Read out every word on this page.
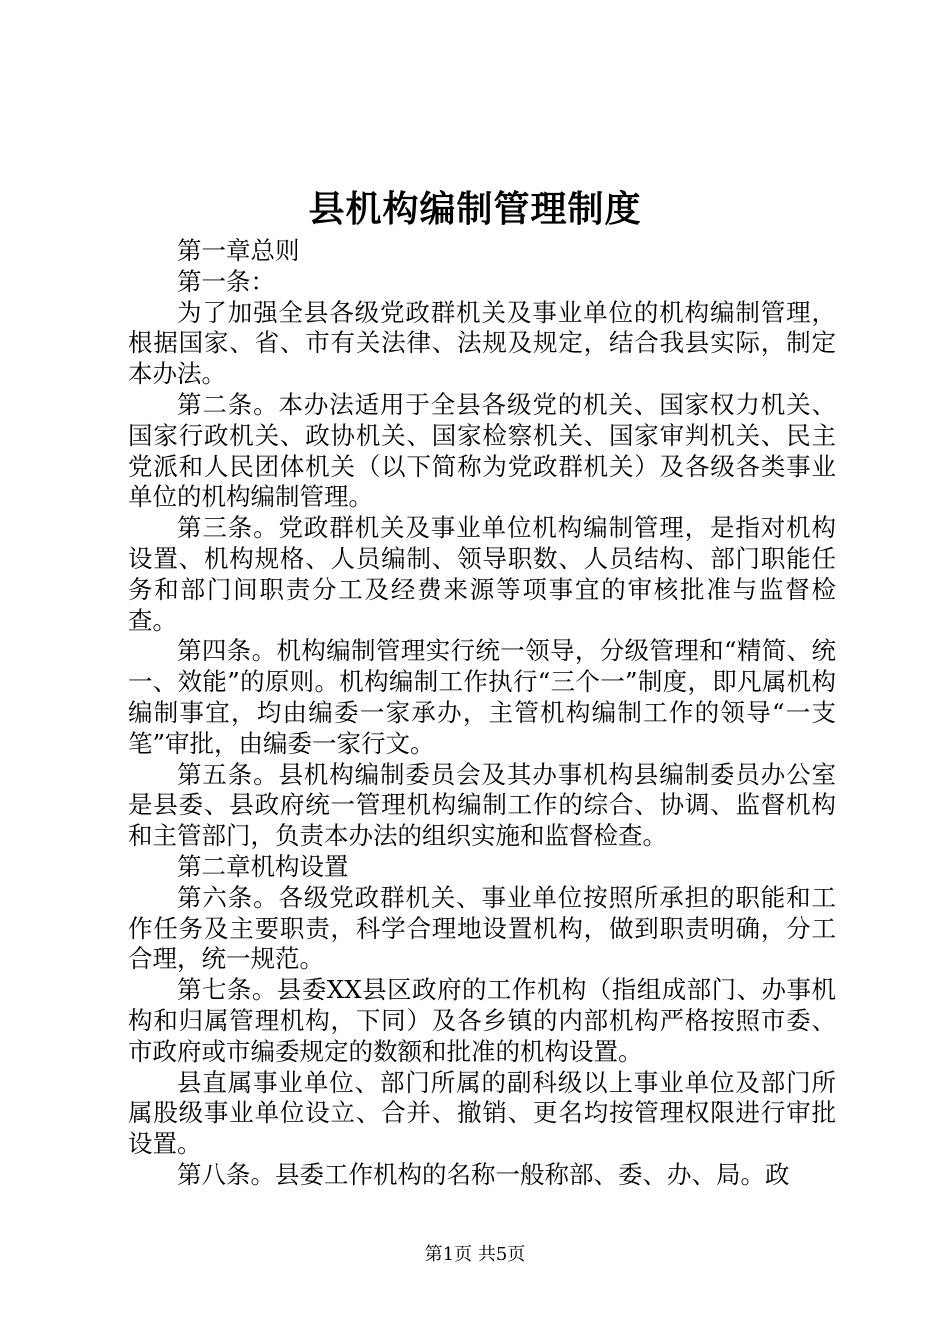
县机构编制管理制度

第一章总则

第一条：

为了加强全县各级党政群机关及事业单位的机构编制管理，根据国家、省、市有关法律、法规及规定，结合我县实际，制定本办法。

第二条。本办法适用于全县各级党的机关、国家权力机关、国家行政机关、政协机关、国家检察机关、国家审判机关、民主党派和人民团体机关（以下简称为党政群机关）及各级各类事业单位的机构编制管理。

第三条。党政群机关及事业单位机构编制管理，是指对机构设置、机构规格、人员编制、领导职数、人员结构、部门职能任务和部门间职责分工及经费来源等项事宜的审核批准与监督检查。

第四条。机构编制管理实行统一领导，分级管理和“精简、统一、效能”的原则。机构编制工作执行“三个一”制度，即凡属机构编制事宜，均由编委一家承办，主管机构编制工作的领导“一支笔”审批，由编委一家行文。

第五条。县机构编制委员会及其办事机构县编制委员办公室是县委、县政府统一管理机构编制工作的综合、协调、监督机构和主管部门，负责本办法的组织实施和监督检查。

第二章机构设置

第六条。各级党政群机关、事业单位按照所承担的职能和工作任务及主要职责，科学合理地设置机构，做到职责明确，分工合理，统一规范。

第七条。县委XX县区政府的工作机构（指组成部门、办事机构和归属管理机构，下同）及各乡镇的内部机构严格按照市委、市政府或市编委规定的数额和批准的机构设置。

县直属事业单位、部门所属的副科级以上事业单位及部门所属股级事业单位设立、合并、撤销、更名均按管理权限进行审批设置。

第八条。县委工作机构的名称一般称部、委、办、局。政

第1页 共5页
